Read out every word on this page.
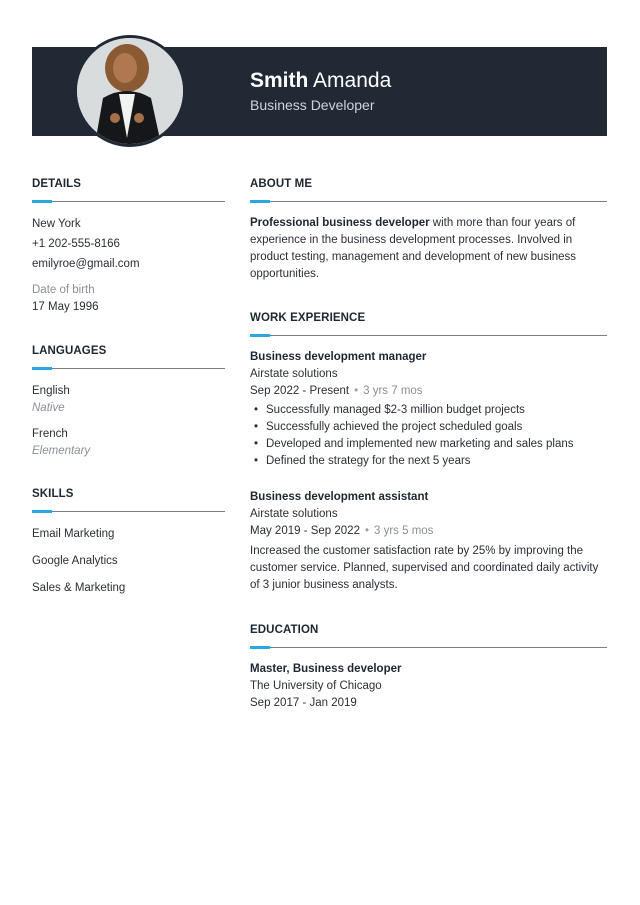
Smith Amanda
Business Developer
DETAILS
New York
+1 202-555-8166
emilyroe@gmail.com
Date of birth
17 May 1996
LANGUAGES
English
Native
French
Elementary
SKILLS
Email Marketing
Google Analytics
Sales & Marketing
ABOUT ME
Professional business developer with more than four years of experience in the business development processes. Involved in product testing, management and development of new business opportunities.
WORK EXPERIENCE
Business development manager
Airstate solutions
Sep 2022 - Present • 3 yrs 7 mos
• Successfully managed $2-3 million budget projects
• Successfully achieved the project scheduled goals
• Developed and implemented new marketing and sales plans
• Defined the strategy for the next 5 years
Business development assistant
Airstate solutions
May 2019 - Sep 2022 • 3 yrs 5 mos
Increased the customer satisfaction rate by 25% by improving the customer service. Planned, supervised and coordinated daily activity of 3 junior business analysts.
EDUCATION
Master, Business developer
The University of Chicago
Sep 2017 - Jan 2019
